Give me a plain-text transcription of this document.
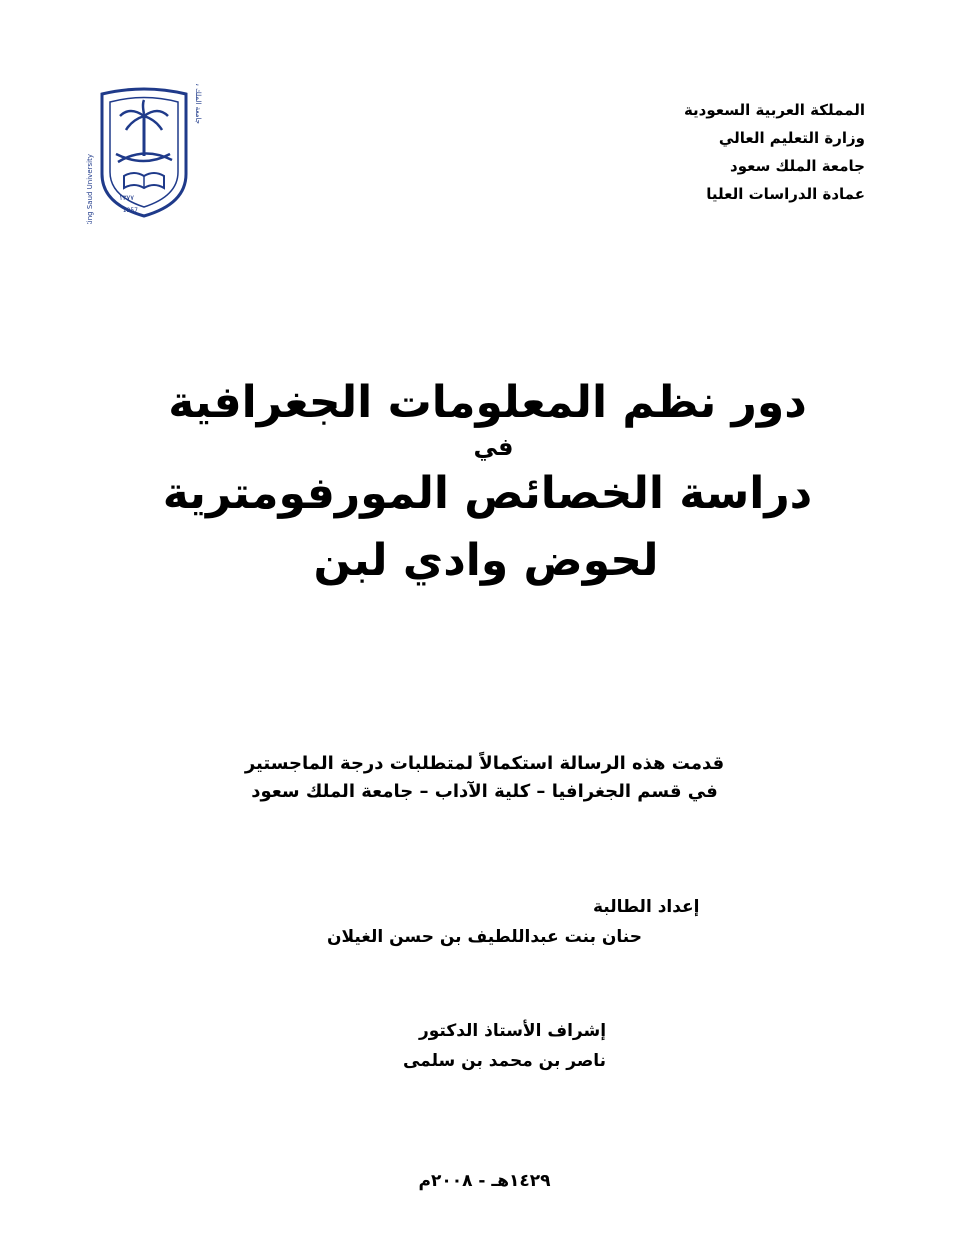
King Saud University
جامعة الملك سعود
١٣٧٧
1957
المملكة العربية السعودية
وزارة التعليم العالي
جامعة الملك سعود
عمادة الدراسات العليا
دور نظم المعلومات الجغرافية
في
دراسة الخصائص المورفومترية
لحوض وادي لبن
قدمت هذه الرسالة استكمالاً لمتطلبات درجة الماجستير
في قسم الجغرافيا – كلية الآداب – جامعة الملك سعود
إعداد الطالبة
حنان بنت عبداللطيف بن حسن الغيلان
إشراف الأستاذ الدكتور
ناصر بن محمد بن سلمى
١٤٢٩هـ - ٢٠٠٨م
